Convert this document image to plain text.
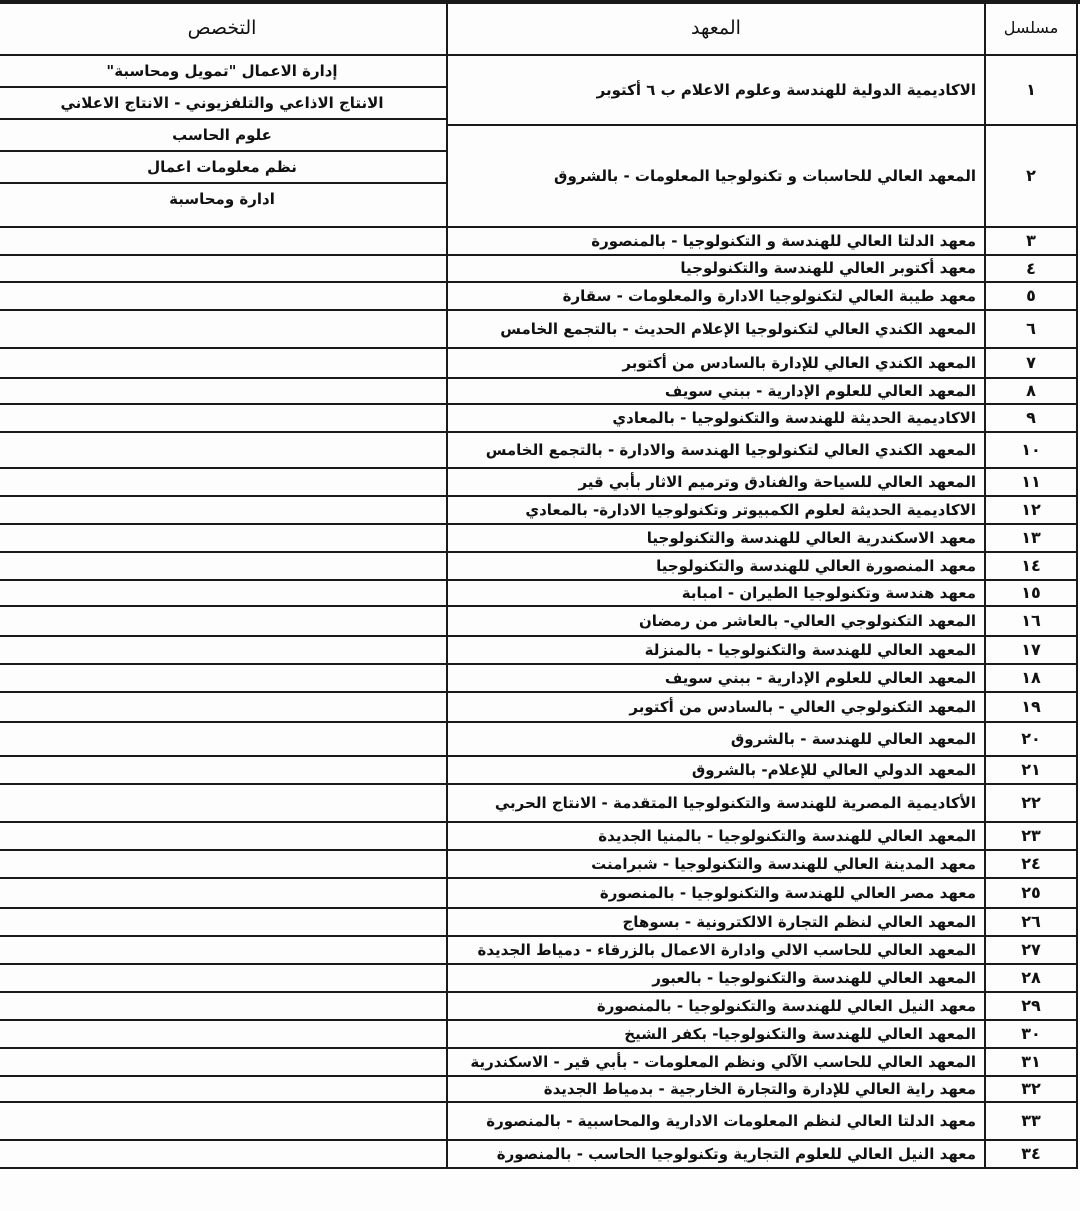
مسلسل	المعهد	التخصص
١	الاكاديمية الدولية للهندسة وعلوم الاعلام ب ٦ أكتوبر	إدارة الاعمال "تمويل ومحاسبة"
الانتاج الاذاعي والتلفزيوني - الانتاج الاعلاني
علوم الحاسب
نظم معلومات اعمال
ادارة ومحاسبة

٢	المعهد العالي للحاسبات و تكنولوجيا المعلومات - بالشروق	
٣	معهد الدلتا العالي للهندسة و التكنولوجيا - بالمنصورة	
٤	معهد أكتوبر العالي للهندسة والتكنولوجيا	
٥	معهد طيبة العالي لتكنولوجيا الادارة والمعلومات - سقارة	
٦	المعهد الكندي العالي لتكنولوجيا الإعلام الحديث - بالتجمع الخامس	
٧	المعهد الكندي العالي للإدارة بالسادس من أكتوبر	
٨	المعهد العالي للعلوم الإدارية - ببني سويف	
٩	الاكاديمية الحديثة للهندسة والتكنولوجيا - بالمعادي	
١٠	المعهد الكندي العالي لتكنولوجيا الهندسة والادارة - بالتجمع الخامس	
١١	المعهد العالي للسياحة والفنادق وترميم الاثار بأبي قير	
١٢	الاكاديمية الحديثة لعلوم الكمبيوتر وتكنولوجيا الادارة- بالمعادي	
١٣	معهد الاسكندرية العالي للهندسة والتكنولوجيا	
١٤	معهد المنصورة العالي للهندسة والتكنولوجيا	
١٥	معهد هندسة وتكنولوجيا الطيران - امبابة	
١٦	المعهد التكنولوجي العالي- بالعاشر من رمضان	
١٧	المعهد العالي للهندسة والتكنولوجيا - بالمنزلة	
١٨	المعهد العالي للعلوم الإدارية - ببني سويف	
١٩	المعهد التكنولوجي العالي - بالسادس من أكتوبر	
٢٠	المعهد العالي للهندسة - بالشروق	
٢١	المعهد الدولي العالي للإعلام- بالشروق	
٢٢	الأكاديمية المصرية للهندسة والتكنولوجيا المتقدمة - الانتاج الحربي	
٢٣	المعهد العالي للهندسة والتكنولوجيا - بالمنيا الجديدة	
٢٤	معهد المدينة العالي للهندسة والتكنولوجيا - شبرامنت	
٢٥	معهد مصر العالي للهندسة والتكنولوجيا - بالمنصورة	
٢٦	المعهد العالي لنظم التجارة الالكترونية - بسوهاج	
٢٧	المعهد العالي للحاسب الالي وادارة الاعمال بالزرقاء - دمياط الجديدة	
٢٨	المعهد العالي للهندسة والتكنولوجيا - بالعبور	
٢٩	معهد النيل العالي للهندسة والتكنولوجيا - بالمنصورة	
٣٠	المعهد العالي للهندسة والتكنولوجيا- بكفر الشيخ	
٣١	المعهد العالي للحاسب الآلي ونظم المعلومات - بأبي قير - الاسكندرية	
٣٢	معهد راية العالي للإدارة والتجارة الخارجية - بدمياط الجديدة	
٣٣	معهد الدلتا العالي لنظم المعلومات الادارية والمحاسبية - بالمنصورة	
٣٤	معهد النيل العالي للعلوم التجارية وتكنولوجيا الحاسب - بالمنصورة	
